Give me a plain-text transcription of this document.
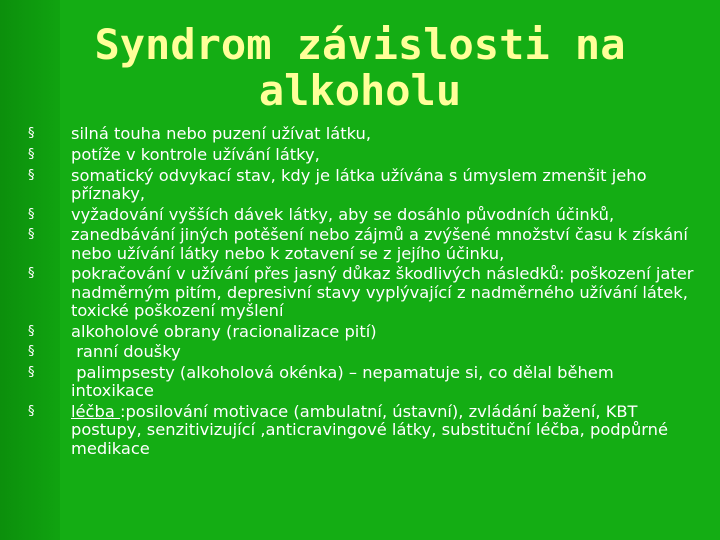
Syndrom závislosti na alkoholu
§	silná touha nebo puzení užívat látku,
§	potíže v kontrole užívání látky,
§	somatický odvykací stav, kdy je látka užívána s úmyslem zmenšit jeho příznaky,
§	vyžadování vyšších dávek látky, aby se dosáhlo původních účinků,
§	zanedbávání jiných potěšení nebo zájmů a zvýšené množství času k získání nebo užívání látky nebo k zotavení se z jejího účinku,
§	pokračování v užívání přes jasný důkaz škodlivých následků: poškození jater nadměrným pitím, depresivní stavy vyplývající z nadměrného užívání látek, toxické poškození myšlení
§	alkoholové obrany (racionalizace pití)
§	ranní doušky
§	palimpsesty (alkoholová okénka) – nepamatuje si, co dělal během intoxikace
§	léčba :posilování motivace (ambulatní, ústavní), zvládání bažení, KBT postupy, senzitivizující ,anticravingové látky, substituční léčba, podpůrné medikace
